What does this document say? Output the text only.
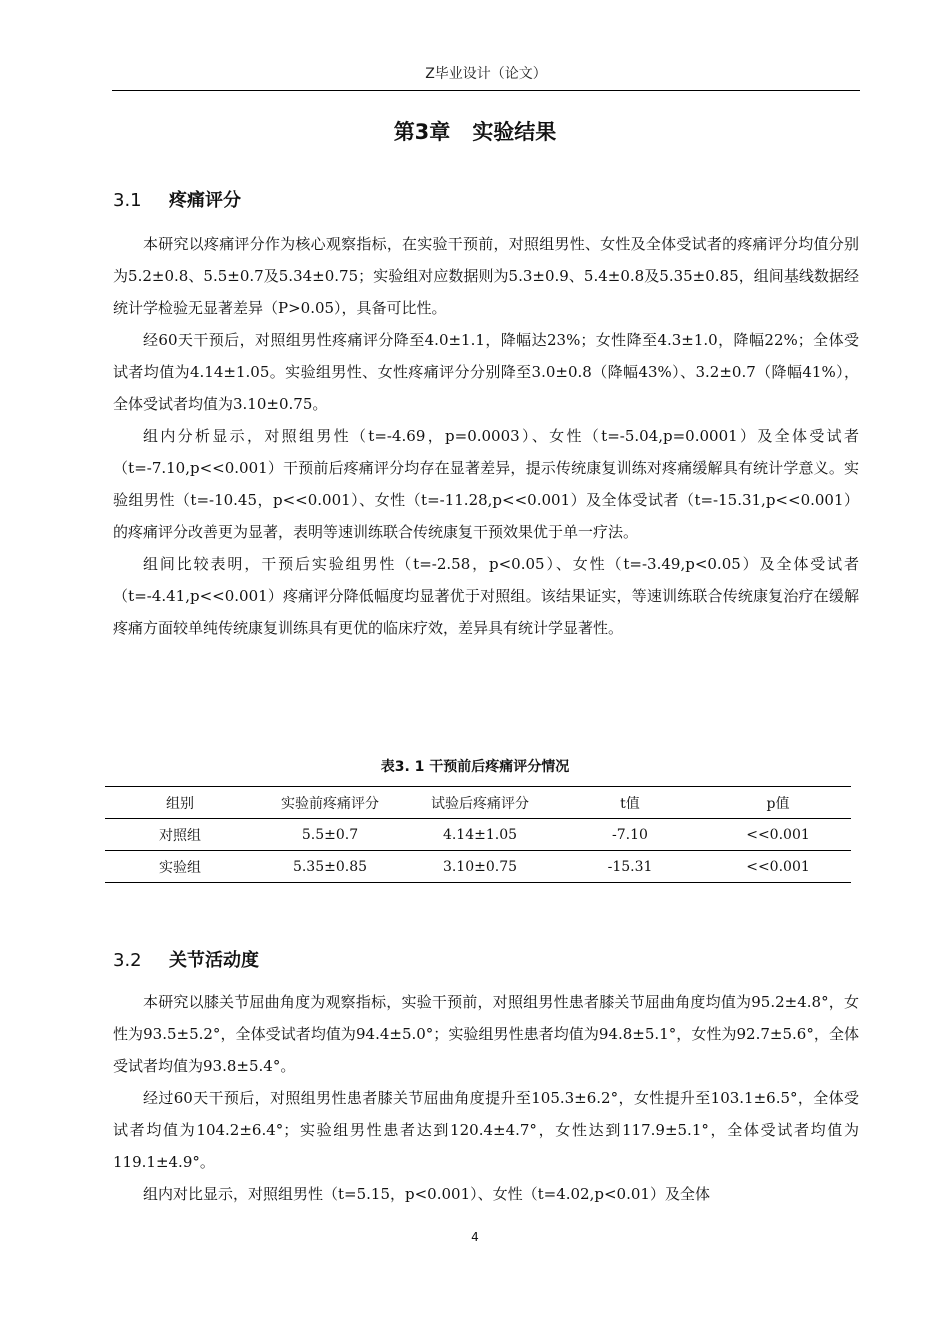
Z毕业设计（论文）
第3章 实验结果
3.1 疼痛评分

本研究以疼痛评分作为核心观察指标，在实验干预前，对照组男性、女性及全体受试者的疼痛评分均值分别为5.2±0.8、5.5±0.7及5.34±0.75；实验组对应数据则为5.3±0.9、5.4±0.8及5.35±0.85，组间基线数据经统计学检验无显著差异（P>0.05），具备可比性。

经60天干预后，对照组男性疼痛评分降至4.0±1.1，降幅达23%；女性降至4.3±1.0，降幅22%；全体受试者均值为4.14±1.05。实验组男性、女性疼痛评分分别降至3.0±0.8（降幅43%）、3.2±0.7（降幅41%），全体受试者均值为3.10±0.75。

组内分析显示，对照组男性（t=-4.69，p=0.0003）、女性（t=-5.04,p=0.0001）及全体受试者（t=-7.10,p<<0.001）干预前后疼痛评分均存在显著差异，提示传统康复训练对疼痛缓解具有统计学意义。实验组男性（t=-10.45，p<<0.001）、女性（t=-11.28,p<<0.001）及全体受试者（t=-15.31,p<<0.001）的疼痛评分改善更为显著，表明等速训练联合传统康复干预效果优于单一疗法。

组间比较表明，干预后实验组男性（t=-2.58，p<0.05）、女性（t=-3.49,p<0.05）及全体受试者（t=-4.41,p<<0.001）疼痛评分降低幅度均显著优于对照组。该结果证实，等速训练联合传统康复治疗在缓解疼痛方面较单纯传统康复训练具有更优的临床疗效，差异具有统计学显著性。

表3. 1 干预前后疼痛评分情况
组别	实验前疼痛评分	试验后疼痛评分	t值	p值
对照组	5.5±0.7	4.14±1.05	-7.10	<<0.001
实验组	5.35±0.85	3.10±0.75	-15.31	<<0.001
3.2 关节活动度

本研究以膝关节屈曲角度为观察指标，实验干预前，对照组男性患者膝关节屈曲角度均值为95.2±4.8°，女性为93.5±5.2°，全体受试者均值为94.4±5.0°；实验组男性患者均值为94.8±5.1°，女性为92.7±5.6°，全体受试者均值为93.8±5.4°。

经过60天干预后，对照组男性患者膝关节屈曲角度提升至105.3±6.2°，女性提升至103.1±6.5°，全体受试者均值为104.2±6.4°；实验组男性患者达到120.4±4.7°，女性达到117.9±5.1°，全体受试者均值为119.1±4.9°。

组内对比显示，对照组男性（t=5.15，p<0.001）、女性（t=4.02,p<0.01）及全体

4
